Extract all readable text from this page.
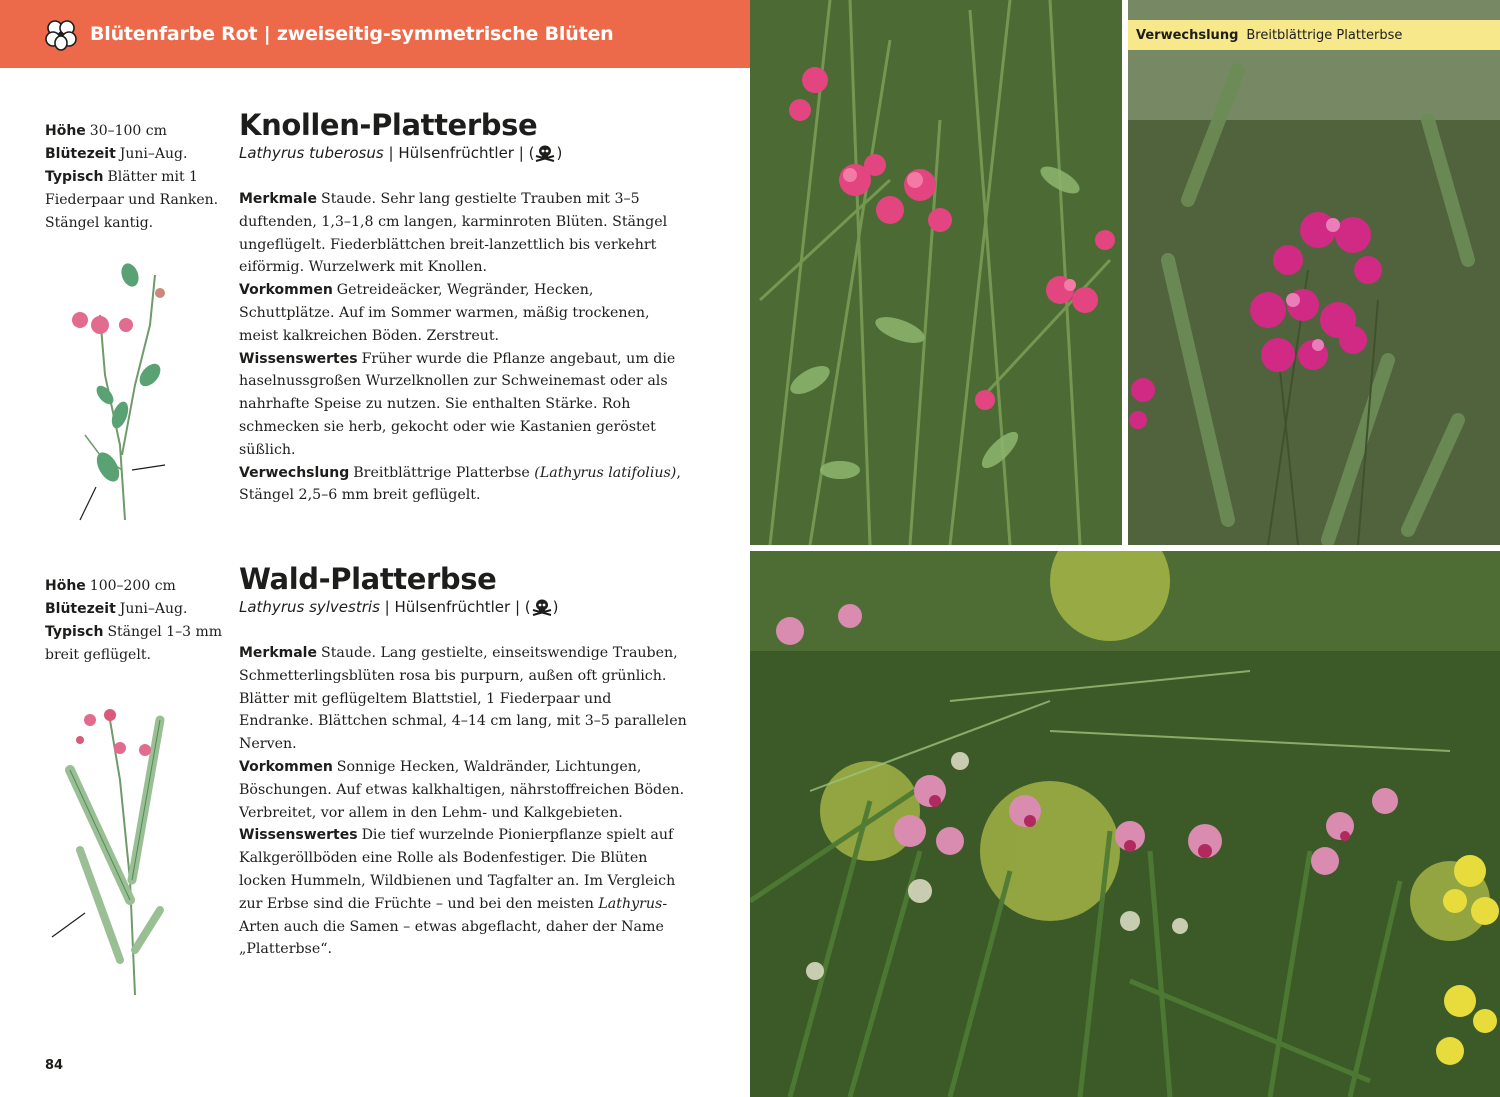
Blütenfarbe Rot | zweiseitig-symmetrische Blüten
Höhe 30–100 cm
Blütezeit Juni–Aug.
Typisch Blätter mit 1 Fiederpaar und Ranken. Stängel kantig.
Knollen-Platterbse
Lathyrus tuberosus | Hülsenfrüchtler | ( )

Merkmale Staude. Sehr lang gestielte Trauben mit 3–5 duftenden, 1,3–1,8 cm langen, karminroten Blüten. Stängel ungeflügelt. Fiederblättchen breit-lanzettlich bis verkehrt eiförmig. Wurzelwerk mit Knollen.

Vorkommen Getreideäcker, Wegränder, Hecken, Schuttplätze. Auf im Sommer warmen, mäßig trockenen, meist kalkreichen Böden. Zerstreut.

Wissenswertes Früher wurde die Pflanze angebaut, um die haselnussgroßen Wurzelknollen zur Schweinemast oder als nahrhafte Speise zu nutzen. Sie enthalten Stärke. Roh schmecken sie herb, gekocht oder wie Kastanien geröstet süßlich.

Verwechslung Breitblättrige Platterbse (Lathyrus latifolius), Stängel 2,5–6 mm breit geflügelt.

Höhe 100–200 cm
Blütezeit Juni–Aug.
Typisch Stängel 1–3 mm breit geflügelt.
Wald-Platterbse
Lathyrus sylvestris | Hülsenfrüchtler | ( )

Merkmale Staude. Lang gestielte, einseitswendige Trauben, Schmetterlingsblüten rosa bis purpurn, außen oft grünlich. Blätter mit geflügeltem Blattstiel, 1 Fiederpaar und Endranke. Blättchen schmal, 4–14 cm lang, mit 3–5 parallelen Nerven.

Vorkommen Sonnige Hecken, Waldränder, Lichtungen, Böschungen. Auf etwas kalkhaltigen, nährstoffreichen Böden. Verbreitet, vor allem in den Lehm- und Kalkgebieten.

Wissenswertes Die tief wurzelnde Pionierpflanze spielt auf Kalkgeröllböden eine Rolle als Bodenfestiger. Die Blüten locken Hummeln, Wildbienen und Tagfalter an. Im Vergleich zur Erbse sind die Früchte – und bei den meisten Lathyrus-Arten auch die Samen – etwas abgeflacht, daher der Name „Platterbse“.

84
Verwechslung Breitblättrige Platterbse
